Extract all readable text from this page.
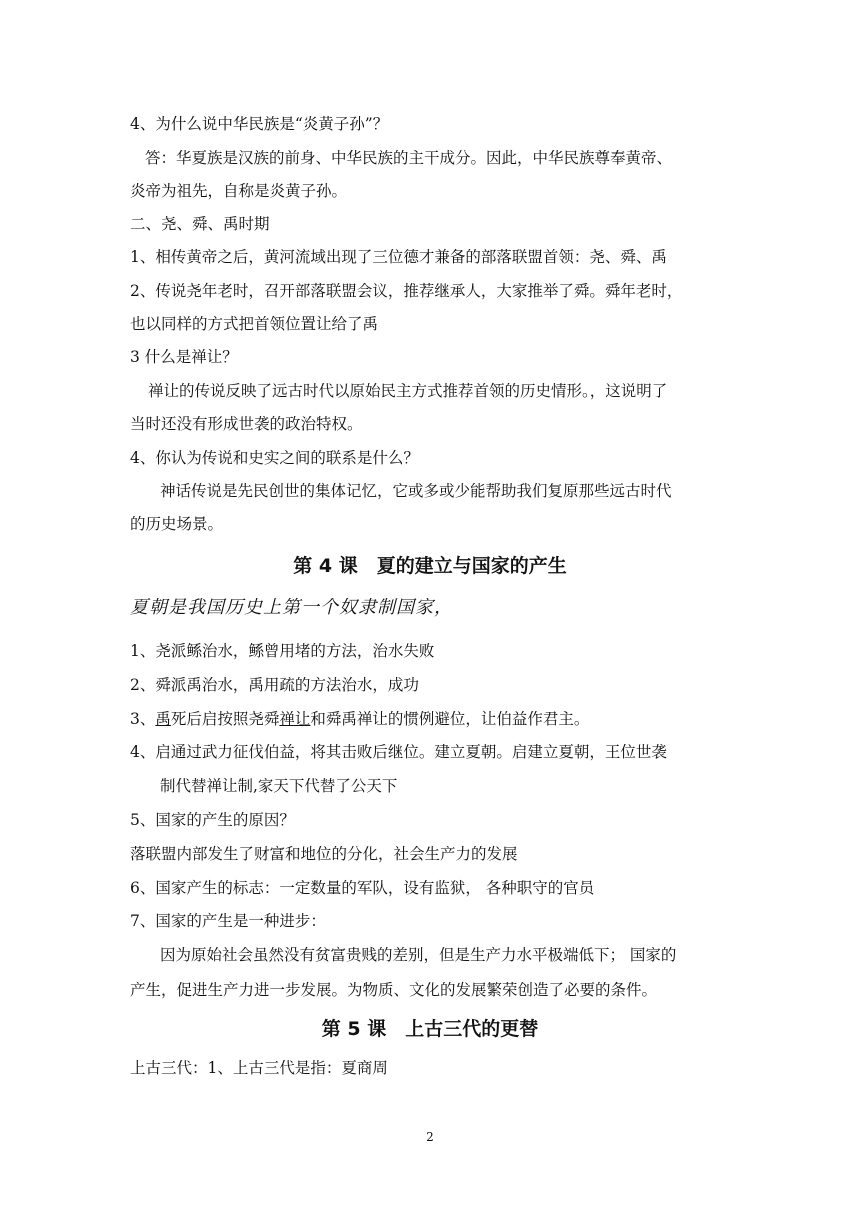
4、为什么说中华民族是“炎黄子孙”？
答：华夏族是汉族的前身、中华民族的主干成分。因此，中华民族尊奉黄帝、
炎帝为祖先，自称是炎黄子孙。
二、尧、舜、禹时期
1、相传黄帝之后，黄河流域出现了三位德才兼备的部落联盟首领：尧、舜、禹
2、传说尧年老时，召开部落联盟会议，推荐继承人，大家推举了舜。舜年老时，
也以同样的方式把首领位置让给了禹
3 什么是禅让？
禅让的传说反映了远古时代以原始民主方式推荐首领的历史情形。，这说明了
当时还没有形成世袭的政治特权。
4、你认为传说和史实之间的联系是什么？
神话传说是先民创世的集体记忆，它或多或少能帮助我们复原那些远古时代
的历史场景。
第 4 课　夏的建立与国家的产生
夏朝是我国历史上第一个奴隶制国家，
1、尧派鲧治水，鲧曾用堵的方法，治水失败
2、舜派禹治水，禹用疏的方法治水，成功
3、禹死后启按照尧舜禅让和舜禹禅让的惯例避位，让伯益作君主。
4、启通过武力征伐伯益，将其击败后继位。建立夏朝。启建立夏朝，王位世袭
制代替禅让制,家天下代替了公天下
5、国家的产生的原因？
落联盟内部发生了财富和地位的分化，社会生产力的发展
6、国家产生的标志：一定数量的军队，设有监狱， 各种职守的官员
7、国家的产生是一种进步：
因为原始社会虽然没有贫富贵贱的差别，但是生产力水平极端低下； 国家的
产生，促进生产力进一步发展。为物质、文化的发展繁荣创造了必要的条件。
第 5 课　上古三代的更替
上古三代：1、上古三代是指：夏商周
2
